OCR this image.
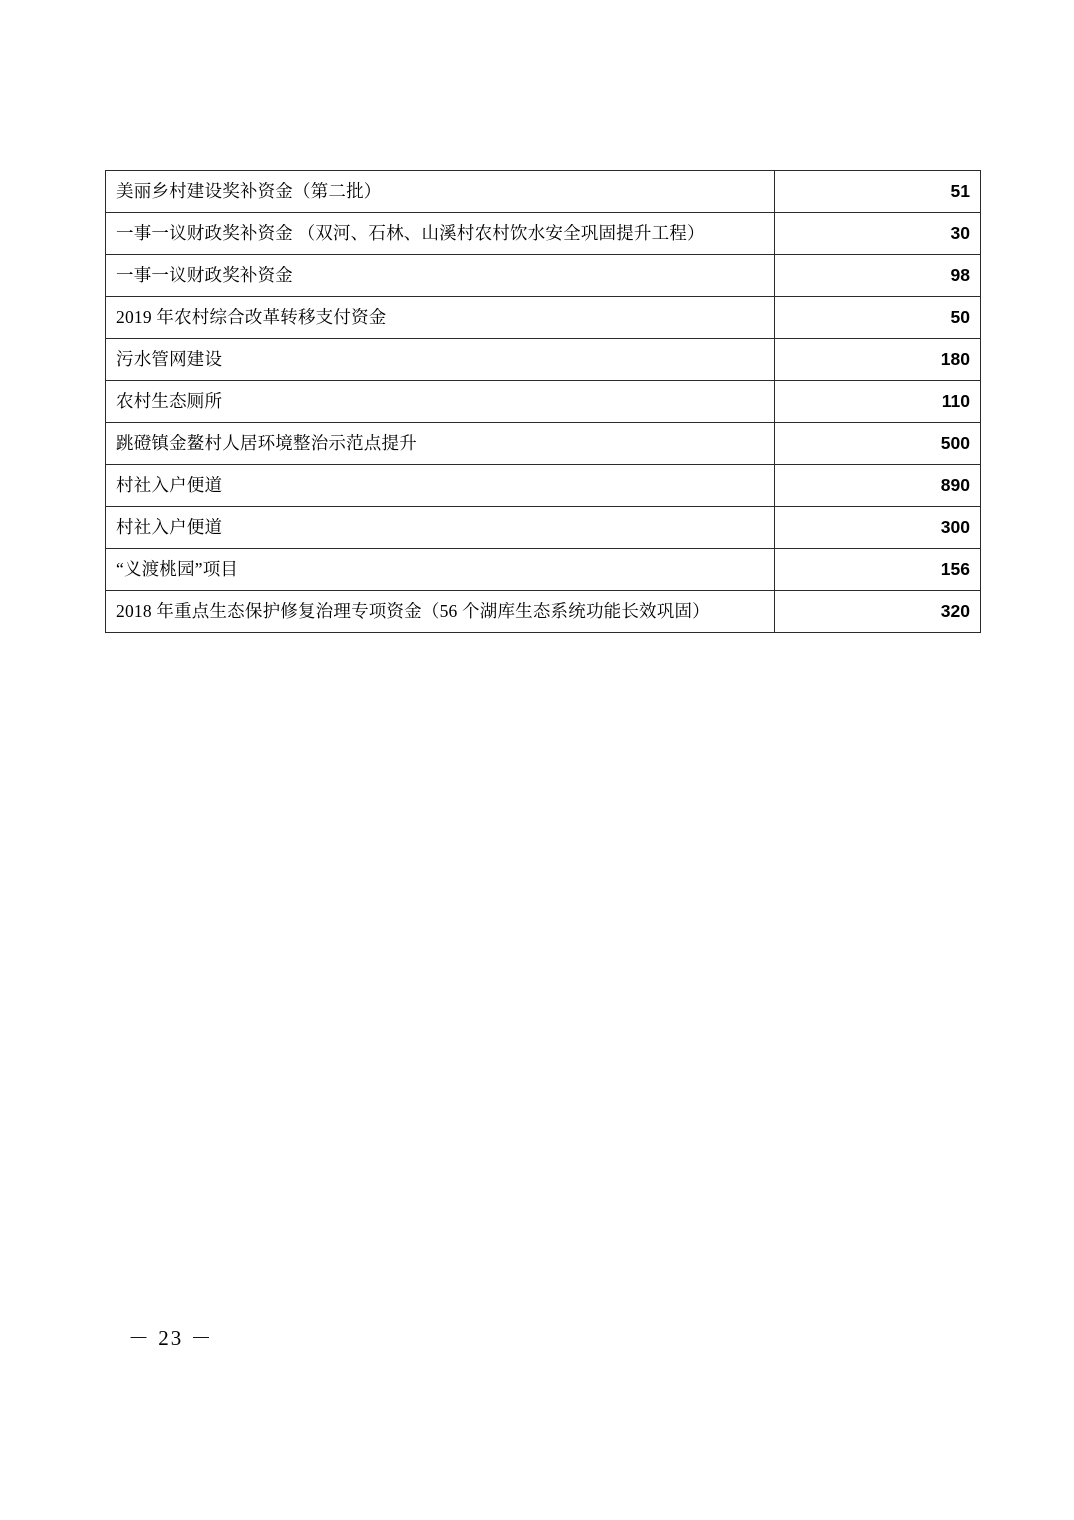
美丽乡村建设奖补资金（第二批）	51
一事一议财政奖补资金 （双河、石林、山溪村农村饮水安全巩固提升工程）	30
一事一议财政奖补资金	98
2019 年农村综合改革转移支付资金	50
污水管网建设	180
农村生态厕所	110
跳磴镇金鳌村人居环境整治示范点提升	500
村社入户便道	890
村社入户便道	300
“义渡桃园”项目	156
2018 年重点生态保护修复治理专项资金（56 个湖库生态系统功能长效巩固）	320
－ 23 －
